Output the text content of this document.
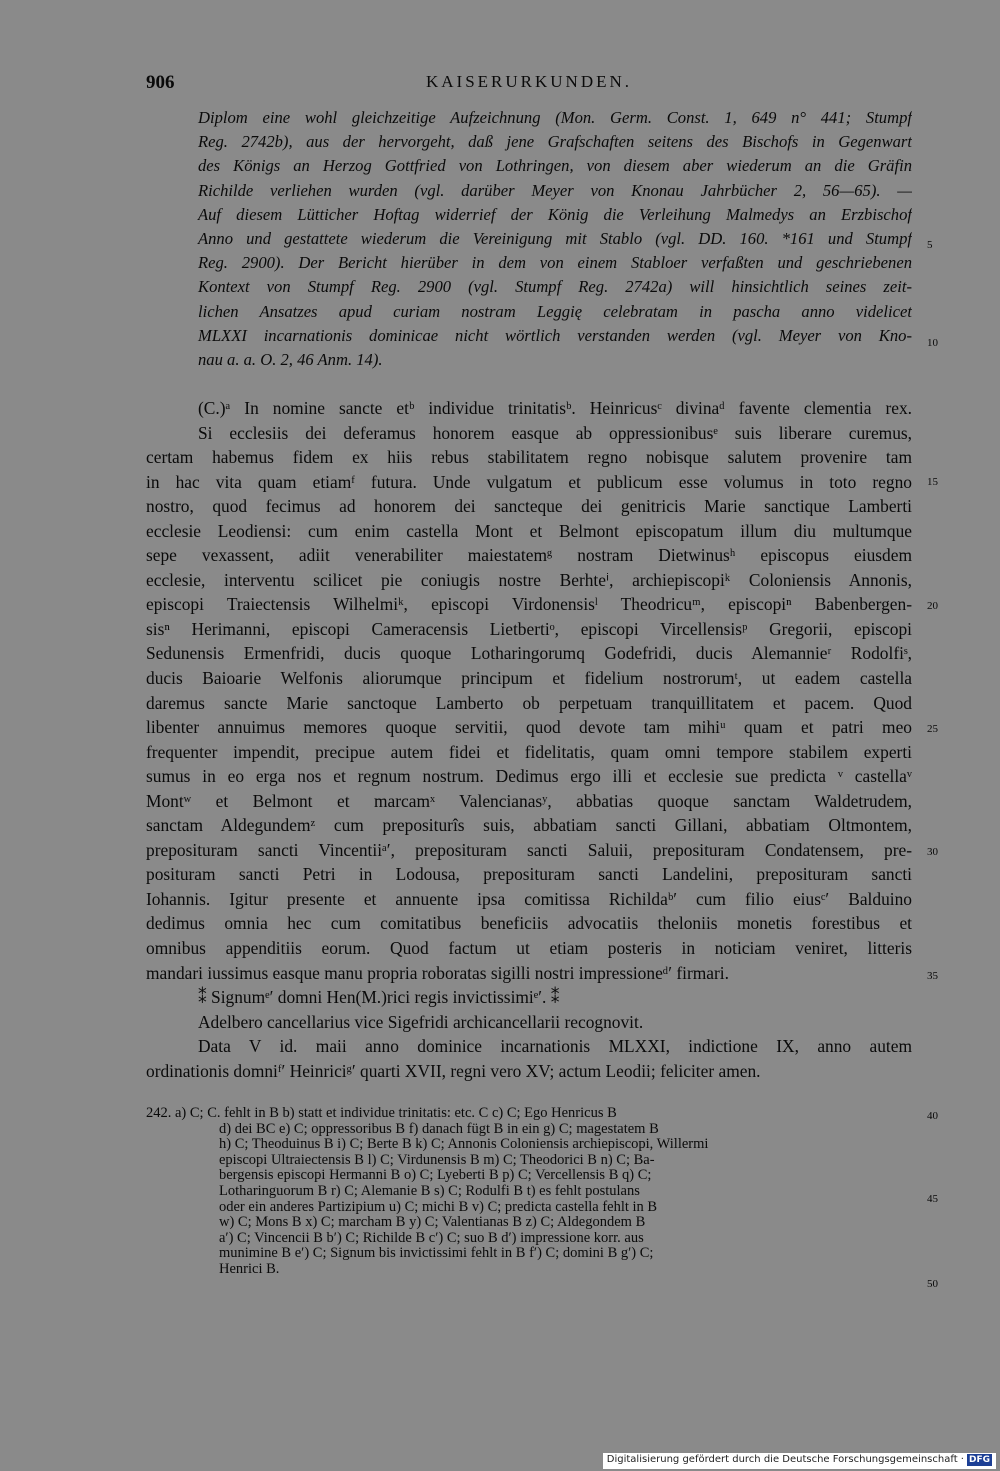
906	KAISERURKUNDEN.
Diplom eine wohl gleichzeitige Aufzeichnung (Mon. Germ. Const. 1, 649 n° 441; Stumpf
Reg. 2742b), aus der hervorgeht, daß jene Grafschaften seitens des Bischofs in Gegenwart
des Königs an Herzog Gottfried von Lothringen, von diesem aber wiederum an die Gräfin
Richilde verliehen wurden (vgl. darüber Meyer von Knonau Jahrbücher 2, 56—65). —
Auf diesem Lütticher Hoftag widerrief der König die Verleihung Malmedys an Erzbischof
Anno und gestattete wiederum die Vereinigung mit Stablo (vgl. DD. 160. *161 und Stumpf
Reg. 2900). Der Bericht hierüber in dem von einem Stabloer verfaßten und geschriebenen
Kontext von Stumpf Reg. 2900 (vgl. Stumpf Reg. 2742a) will hinsichtlich seines zeit-
lichen Ansatzes apud curiam nostram Leggię celebratam in pascha anno videlicet
MLXXI incarnationis dominicae nicht wörtlich verstanden werden (vgl. Meyer von Kno-
nau a. a. O. 2, 46 Anm. 14).
(C.)ᵃ In nomine sancte etᵇ individue trinitatisᵇ. Heinricusᶜ divinaᵈ favente clementia rex.
Si ecclesiis dei deferamus honorem easque ab oppressionibusᵉ suis liberare curemus,
certam habemus fidem ex hiis rebus stabilitatem regno nobisque salutem provenire tam
in hac vita quam etiamᶠ futura. Unde vulgatum et publicum esse volumus in toto regno
nostro, quod fecimus ad honorem dei sancteque dei genitricis Marie sanctique Lamberti
ecclesie Leodiensi: cum enim castella Mont et Belmont episcopatum illum diu multumque
sepe vexassent, adiit venerabiliter maiestatemᵍ nostram Dietwinusʰ episcopus eiusdem
ecclesie, interventu scilicet pie coniugis nostre Berhteⁱ, archiepiscopiᵏ Coloniensis Annonis,
episcopi Traiectensis Wilhelmiᵏ, episcopi Virdonensisˡ Theodricuᵐ, episcopiⁿ Babenbergen-
sisⁿ Herimanni, episcopi Cameracensis Lietbertiᵒ, episcopi Vircellensisᵖ Gregorii, episcopi
Sedunensis Ermenfridi, ducis quoque Lotharingorumq Godefridi, ducis Alemannieʳ Rodolfiˢ,
ducis Baioarie Welfonis aliorumque principum et fidelium nostrorumᵗ, ut eadem castella
daremus sancte Marie sanctoque Lamberto ob perpetuam tranquillitatem et pacem. Quod
libenter annuimus memores quoque servitii, quod devote tam mihiᵘ quam et patri meo
frequenter impendit, precipue autem fidei et fidelitatis, quam omni tempore stabilem experti
sumus in eo erga nos et regnum nostrum. Dedimus ergo illi et ecclesie sue predicta ᵛ castellaᵛ
Montʷ et Belmont et marcamˣ Valencianasʸ, abbatias quoque sanctam Waldetrudem,
sanctam Aldegundemᶻ cum prepositurîs suis, abbatiam sancti Gillani, abbatiam Oltmontem,
preposituram sancti Vincentiiᵃ′, preposituram sancti Saluii, preposituram Condatensem, pre-
posituram sancti Petri in Lodousa, preposituram sancti Landelini, preposituram sancti
Iohannis. Igitur presente et annuente ipsa comitissa Richildaᵇ′ cum filio eiusᶜ′ Balduino
dedimus omnia hec cum comitatibus beneficiis advocatiis theloniis monetis forestibus et
omnibus appenditiis eorum. Quod factum ut etiam posteris in noticiam veniret, litteris
mandari iussimus easque manu propria roboratas sigilli nostri impressioneᵈ′ firmari.
⁑ Signumᵉ′ domni Hen(M.)rici regis invictissimiᵉ′. ⁑
Adelbero cancellarius vice Sigefridi archicancellarii recognovit.
Data V id. maii anno dominice incarnationis MLXXI, indictione IX, anno autem
ordinationis domniᶠ′ Heinriciᵍ′ quarti XVII, regni vero XV; actum Leodii; feliciter amen.
242. a) C; C. fehlt in B b) statt et individue trinitatis: etc. C c) C; Ego Henricus B
d) dei BC e) C; oppressoribus B f) danach fügt B in ein g) C; magestatem B
h) C; Theoduinus B i) C; Berte B k) C; Annonis Coloniensis archiepiscopi, Willermi
episcopi Ultraiectensis B l) C; Virdunensis B m) C; Theodorici B n) C; Ba-
bergensis episcopi Hermanni B o) C; Lyeberti B p) C; Vercellensis B q) C;
Lotharinguorum B r) C; Alemanie B s) C; Rodulfi B t) es fehlt postulans
oder ein anderes Partizipium u) C; michi B v) C; predicta castella fehlt in B
w) C; Mons B x) C; marcham B y) C; Valentianas B z) C; Aldegondem B
a′) C; Vincencii B b′) C; Richilde B c′) C; suo B d′) impressione korr. aus
munimine B e′) C; Signum bis invictissimi fehlt in B f′) C; domini B g′) C;
Henrici B.
5
10
15
20
25
30
35
40
45
50
Digitalisierung gefördert durch die Deutsche Forschungsgemeinschaft · DFG
